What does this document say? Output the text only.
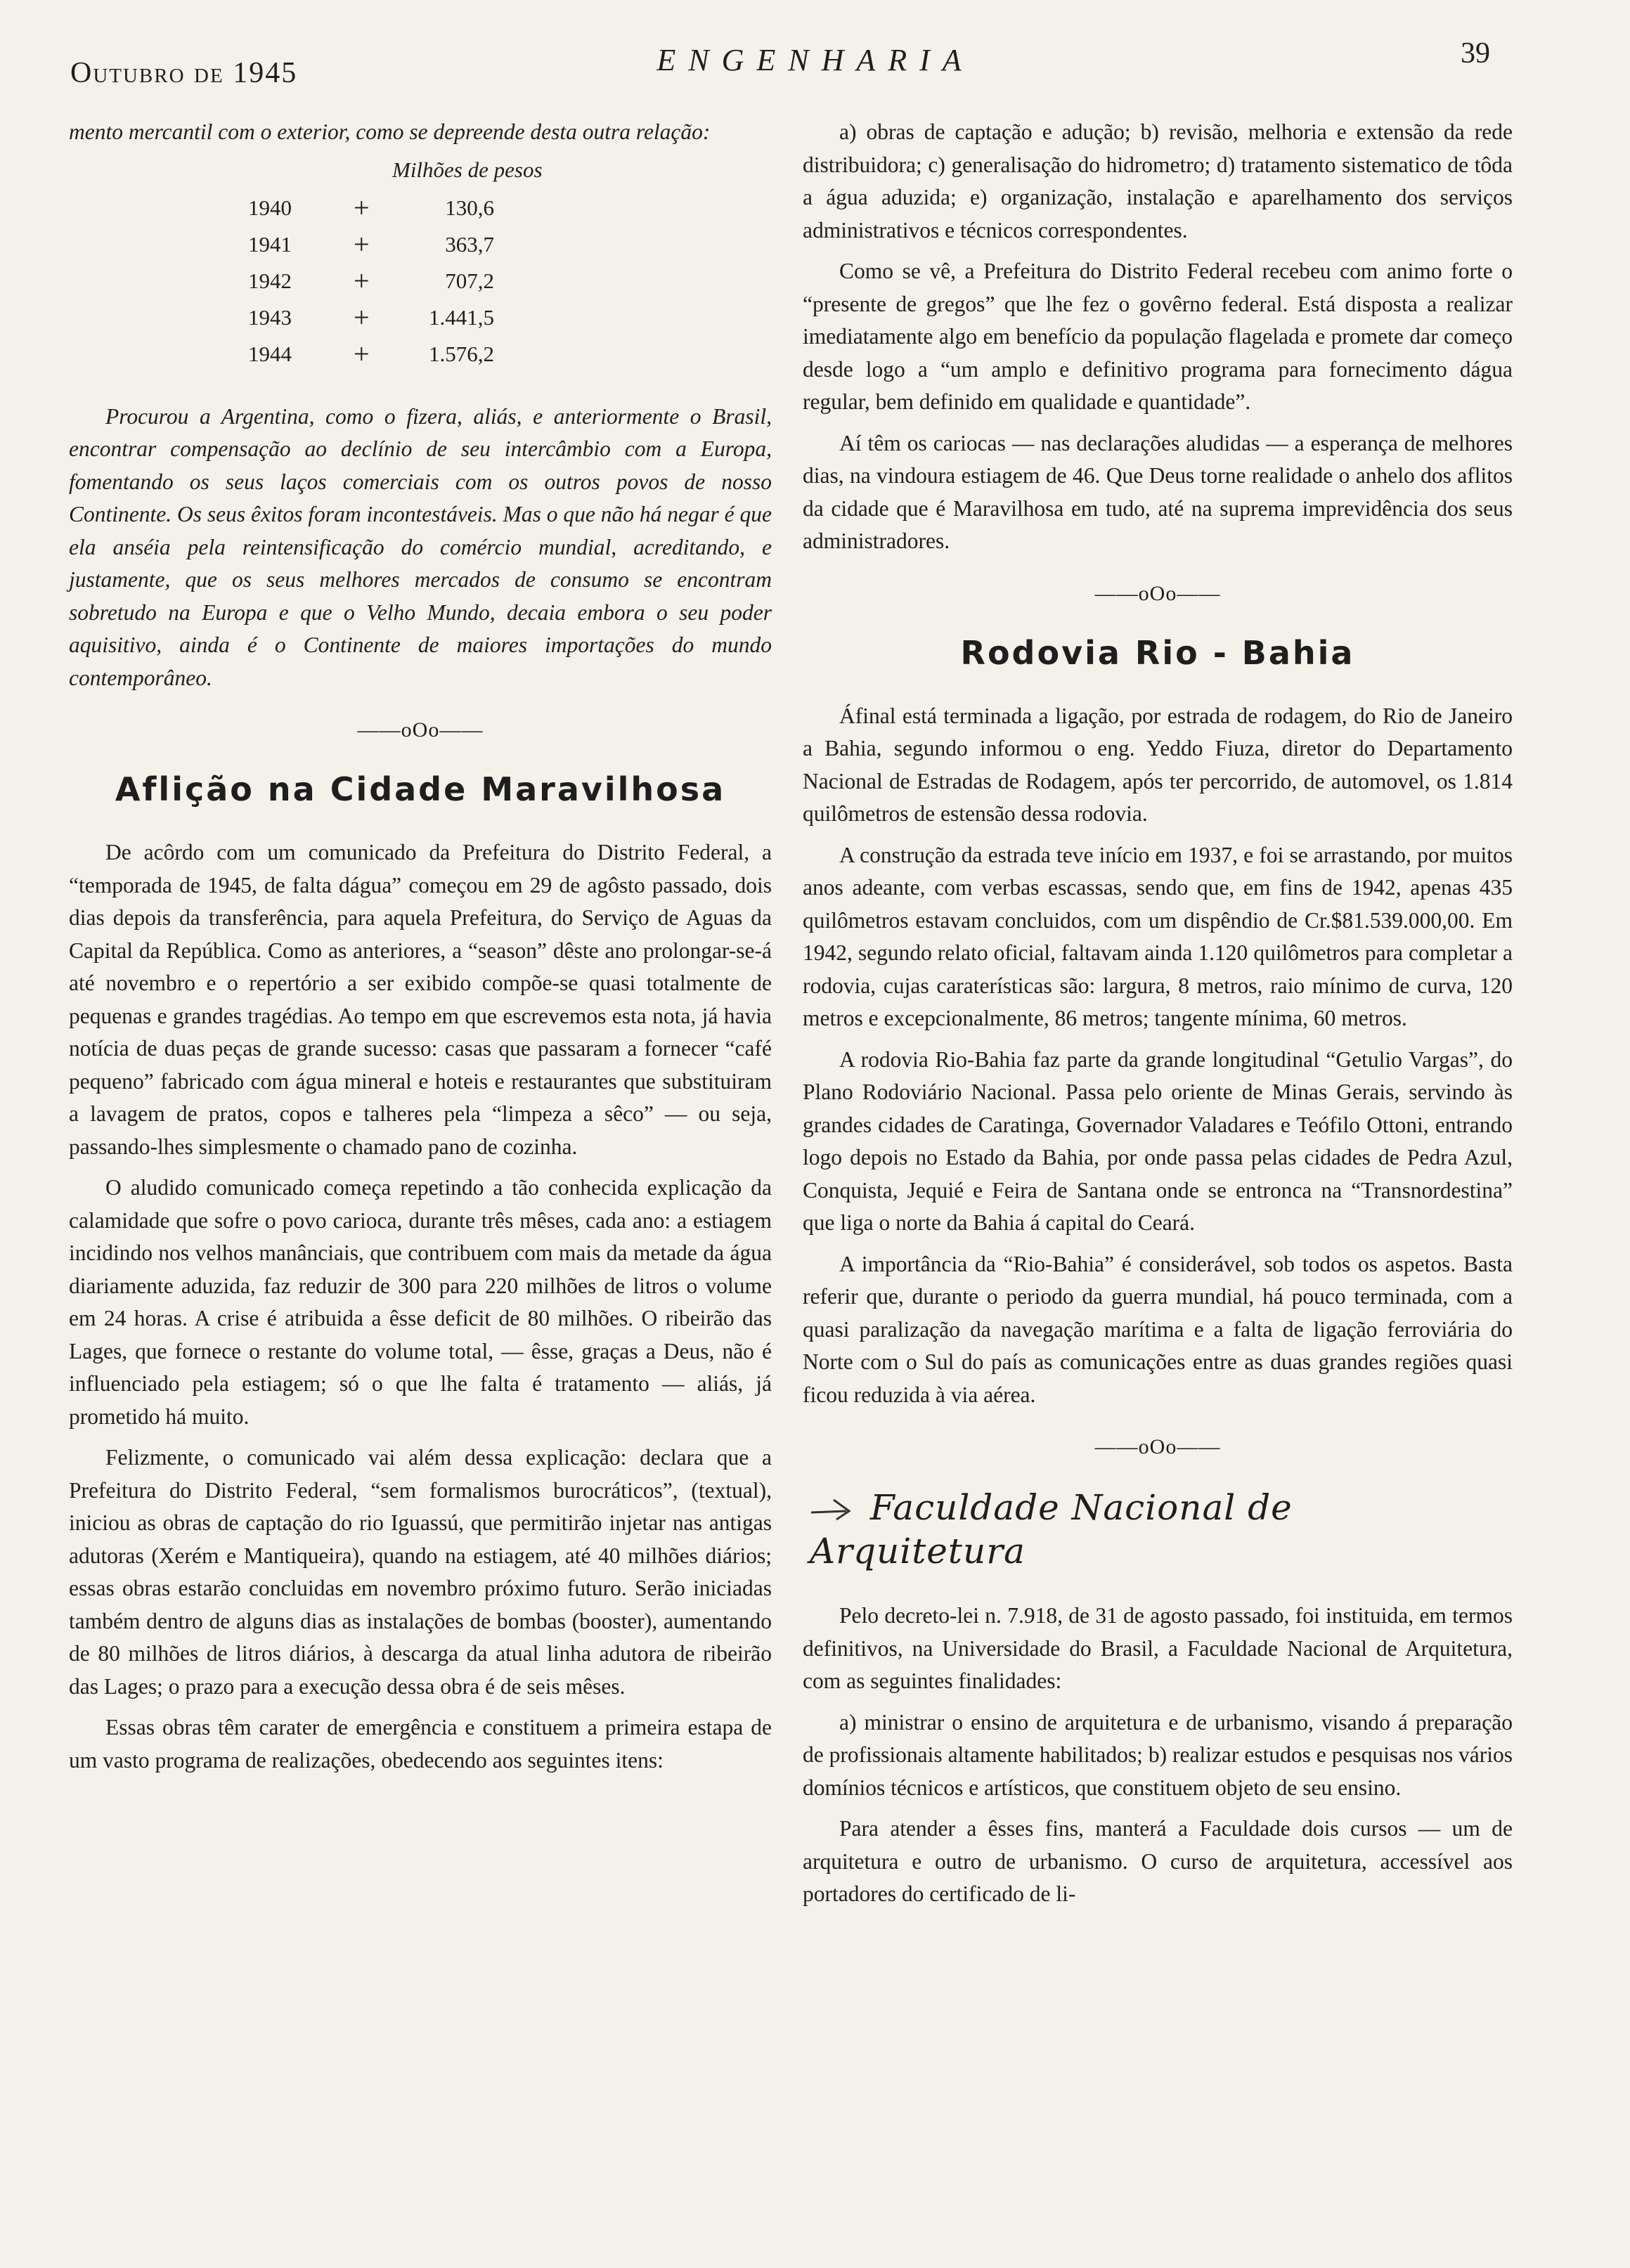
Outubro de 1945	ENGENHARIA	39

mento mercantil com o exterior, como se depreende desta outra relação:

Milhões de pesos
1940	+	130,6
1941	+	363,7
1942	+	707,2
1943	+	1.441,5
1944	+	1.576,2

Procurou a Argentina, como o fizera, aliás, e anteriormente o Brasil, encontrar compensação ao declínio de seu intercâmbio com a Europa, fomentando os seus laços comerciais com os outros povos de nosso Continente. Os seus êxitos foram incontestáveis. Mas o que não há negar é que ela anséia pela reintensificação do comércio mundial, acreditando, e justamente, que os seus melhores mercados de consumo se encontram sobretudo na Europa e que o Velho Mundo, decaia embora o seu poder aquisitivo, ainda é o Continente de maiores importações do mundo contemporâneo.

——oOo——
Aflição na Cidade Maravilhosa

De acôrdo com um comunicado da Prefeitura do Distrito Federal, a “temporada de 1945, de falta dágua” começou em 29 de agôsto passado, dois dias depois da transferência, para aquela Prefeitura, do Serviço de Aguas da Capital da República. Como as anteriores, a “season” dêste ano prolongar-se-á até novembro e o repertório a ser exibido compõe-se quasi totalmente de pequenas e grandes tragédias. Ao tempo em que escrevemos esta nota, já havia notícia de duas peças de grande sucesso: casas que passaram a fornecer “café pequeno” fabricado com água mineral e hoteis e restaurantes que substituiram a lavagem de pratos, copos e talheres pela “limpeza a sêco” — ou seja, passando-lhes simplesmente o chamado pano de cozinha.

O aludido comunicado começa repetindo a tão conhecida explicação da calamidade que sofre o povo carioca, durante três mêses, cada ano: a estiagem incidindo nos velhos manânciais, que contribuem com mais da metade da água diariamente aduzida, faz reduzir de 300 para 220 milhões de litros o volume em 24 horas. A crise é atribuida a êsse deficit de 80 milhões. O ribeirão das Lages, que fornece o restante do volume total, — êsse, graças a Deus, não é influenciado pela estiagem; só o que lhe falta é tratamento — aliás, já prometido há muito.

Felizmente, o comunicado vai além dessa explicação: declara que a Prefeitura do Distrito Federal, “sem formalismos burocráticos”, (textual), iniciou as obras de captação do rio Iguassú, que permitirão injetar nas antigas adutoras (Xerém e Mantiqueira), quando na estiagem, até 40 milhões diários; essas obras estarão concluidas em novembro próximo futuro. Serão iniciadas também dentro de alguns dias as instalações de bombas (booster), aumentando de 80 milhões de litros diários, à descarga da atual linha adutora de ribeirão das Lages; o prazo para a execução dessa obra é de seis mêses.

Essas obras têm carater de emergência e constituem a primeira estapa de um vasto programa de realizações, obedecendo aos seguintes itens:

a) obras de captação e adução; b) revisão, melhoria e extensão da rede distribuidora; c) generalisação do hidrometro; d) tratamento sistematico de tôda a água aduzida; e) organização, instalação e aparelhamento dos serviços administrativos e técnicos correspondentes.

Como se vê, a Prefeitura do Distrito Federal recebeu com animo forte o “presente de gregos” que lhe fez o govêrno federal. Está disposta a realizar imediatamente algo em benefício da população flagelada e promete dar começo desde logo a “um amplo e definitivo programa para fornecimento dágua regular, bem definido em qualidade e quantidade”.

Aí têm os cariocas — nas declarações aludidas — a esperança de melhores dias, na vindoura estiagem de 46. Que Deus torne realidade o anhelo dos aflitos da cidade que é Maravilhosa em tudo, até na suprema imprevidência dos seus administradores.

——oOo——
Rodovia Rio - Bahia

Áfinal está terminada a ligação, por estrada de rodagem, do Rio de Janeiro a Bahia, segundo informou o eng. Yeddo Fiuza, diretor do Departamento Nacional de Estradas de Rodagem, após ter percorrido, de automovel, os 1.814 quilômetros de estensão dessa rodovia.

A construção da estrada teve início em 1937, e foi se arrastando, por muitos anos adeante, com verbas escassas, sendo que, em fins de 1942, apenas 435 quilômetros estavam concluidos, com um dispêndio de Cr.$81.539.000,00. Em 1942, segundo relato oficial, faltavam ainda 1.120 quilômetros para completar a rodovia, cujas caraterísticas são: largura, 8 metros, raio mínimo de curva, 120 metros e excepcionalmente, 86 metros; tangente mínima, 60 metros.

A rodovia Rio-Bahia faz parte da grande longitudinal “Getulio Vargas”, do Plano Rodoviário Nacional. Passa pelo oriente de Minas Gerais, servindo às grandes cidades de Caratinga, Governador Valadares e Teófilo Ottoni, entrando logo depois no Estado da Bahia, por onde passa pelas cidades de Pedra Azul, Conquista, Jequié e Feira de Santana onde se entronca na “Transnordestina” que liga o norte da Bahia á capital do Ceará.

A importância da “Rio-Bahia” é considerável, sob todos os aspetos. Basta referir que, durante o periodo da guerra mundial, há pouco terminada, com a quasi paralização da navegação marítima e a falta de ligação ferroviária do Norte com o Sul do país as comunicações entre as duas grandes regiões quasi ficou reduzida à via aérea.

——oOo——
Faculdade Nacional de Arquitetura

Pelo decreto-lei n. 7.918, de 31 de agosto passado, foi instituida, em termos definitivos, na Universidade do Brasil, a Faculdade Nacional de Arquitetura, com as seguintes finalidades:

a) ministrar o ensino de arquitetura e de urbanismo, visando á preparação de profissionais altamente habilitados; b) realizar estudos e pesquisas nos vários domínios técnicos e artísticos, que constituem objeto de seu ensino.

Para atender a êsses fins, manterá a Faculdade dois cursos — um de arquitetura e outro de urbanismo. O curso de arquitetura, accessível aos portadores do certificado de li-
